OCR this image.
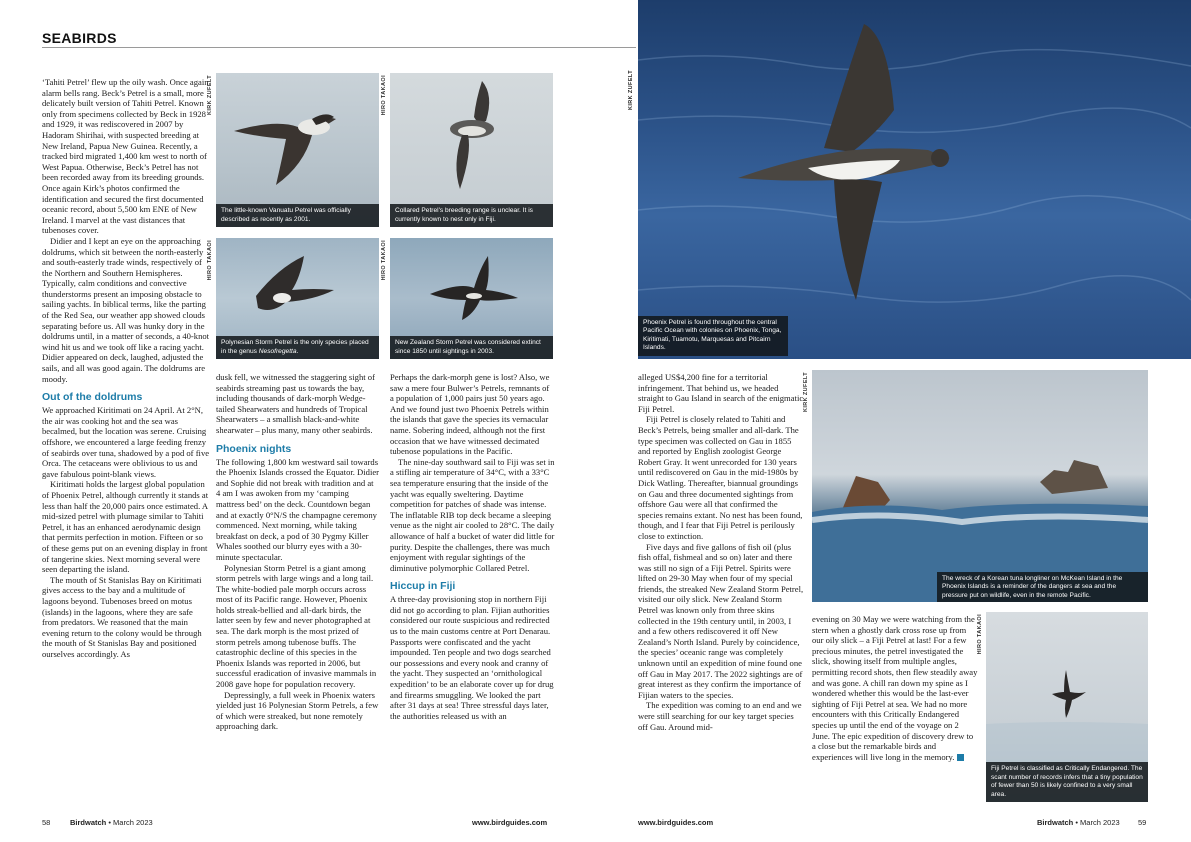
SEABIRDS

‘Tahiti Petrel’ flew up the oily wash. Once again alarm bells rang. Beck’s Petrel is a small, more delicately built version of Tahiti Petrel. Known only from specimens collected by Beck in 1928 and 1929, it was rediscovered in 2007 by Hadoram Shirihai, with suspected breeding at New Ireland, Papua New Guinea. Recently, a tracked bird migrated 1,400 km west to north of West Papua. Otherwise, Beck’s Petrel has not been recorded away from its breeding grounds. Once again Kirk’s photos confirmed the identification and secured the first documented oceanic record, about 5,500 km ENE of New Ireland. I marvel at the vast distances that tubenoses cover.

Didier and I kept an eye on the approaching doldrums, which sit between the north-easterly and south-easterly trade winds, respectively of the Northern and Southern Hemispheres. Typically, calm conditions and convective thunderstorms present an imposing obstacle to sailing yachts. In biblical terms, like the parting of the Red Sea, our weather app showed clouds separating before us. All was hunky dory in the doldrums until, in a matter of seconds, a 40-knot wind hit us and we took off like a racing yacht. Didier appeared on deck, laughed, adjusted the sails, and all was good again. The doldrums are moody.

Out of the doldrums

We approached Kiritimati on 24 April. At 2°N, the air was cooking hot and the sea was becalmed, but the location was serene. Cruising offshore, we encountered a large feeding frenzy of seabirds over tuna, shadowed by a pod of five Orca. The cetaceans were oblivious to us and gave fabulous point-blank views.

Kiritimati holds the largest global population of Phoenix Petrel, although currently it stands at less than half the 20,000 pairs once estimated. A mid-sized petrel with plumage similar to Tahiti Petrel, it has an enhanced aerodynamic design that permits perfection in motion. Fifteen or so of these gems put on an evening display in front of tangerine skies. Next morning several were seen departing the island.

The mouth of St Stanislas Bay on Kiritimati gives access to the bay and a multitude of lagoons beyond. Tubenoses breed on motus (islands) in the lagoons, where they are safe from predators. We reasoned that the main evening return to the colony would be through the mouth of St Stanislas Bay and positioned ourselves accordingly. As

The little-known Vanuatu Petrel was officially described as recently as 2001.
KIRK ZUFELT
Collared Petrel's breeding range is unclear. It is currently known to nest only in Fiji.
HIRO TAKAOI
Polynesian Storm Petrel is the only species placed in the genus Nesofregetta.
HIRO TAKAOI
New Zealand Storm Petrel was considered extinct since 1850 until sightings in 2003.
HIRO TAKAOI

dusk fell, we witnessed the staggering sight of seabirds streaming past us towards the bay, including thousands of dark-morph Wedge-tailed Shearwaters and hundreds of Tropical Shearwaters – a smallish black-and-white shearwater – plus many, many other seabirds.

Phoenix nights

The following 1,800 km westward sail towards the Phoenix Islands crossed the Equator. Didier and Sophie did not break with tradition and at 4 am I was awoken from my ‘camping mattress bed’ on the deck. Countdown began and at exactly 0°N/S the champagne ceremony commenced. Next morning, while taking breakfast on deck, a pod of 30 Pygmy Killer Whales soothed our blurry eyes with a 30-minute spectacular.

Polynesian Storm Petrel is a giant among storm petrels with large wings and a long tail. The white-bodied pale morph occurs across most of its Pacific range. However, Phoenix holds streak-bellied and all-dark birds, the latter seen by few and never photographed at sea. The dark morph is the most prized of storm petrels among tubenose buffs. The catastrophic decline of this species in the Phoenix Islands was reported in 2006, but successful eradication of invasive mammals in 2008 gave hope for population recovery.

Depressingly, a full week in Phoenix waters yielded just 16 Polynesian Storm Petrels, a few of which were streaked, but none remotely approaching dark.

Perhaps the dark-morph gene is lost? Also, we saw a mere four Bulwer’s Petrels, remnants of a population of 1,000 pairs just 50 years ago. And we found just two Phoenix Petrels within the islands that gave the species its vernacular name. Sobering indeed, although not the first occasion that we have witnessed decimated tubenose populations in the Pacific.

The nine-day southward sail to Fiji was set in a stifling air temperature of 34°C, with a 33°C sea temperature ensuring that the inside of the yacht was equally sweltering. Daytime competition for patches of shade was intense. The inflatable RIB top deck became a sleeping venue as the night air cooled to 28°C. The daily allowance of half a bucket of water did little for purity. Despite the challenges, there was much enjoyment with regular sightings of the diminutive polymorphic Collared Petrel.

Hiccup in Fiji

A three-day provisioning stop in northern Fiji did not go according to plan. Fijian authorities considered our route suspicious and redirected us to the main customs centre at Port Denarau. Passports were confiscated and the yacht impounded. Ten people and two dogs searched our possessions and every nook and cranny of the yacht. They suspected an ‘ornithological expedition’ to be an elaborate cover up for drug and firearms smuggling. We looked the part after 31 days at sea! Three stressful days later, the authorities released us with an

Phoenix Petrel is found throughout the central Pacific Ocean with colonies on Phoenix, Tonga, Kiritimati, Tuamotu, Marquesas and Pitcairn Islands.
KIRK ZUFELT

alleged US$4,200 fine for a territorial infringement. That behind us, we headed straight to Gau Island in search of the enigmatic Fiji Petrel.

Fiji Petrel is closely related to Tahiti and Beck’s Petrels, being smaller and all-dark. The type specimen was collected on Gau in 1855 and reported by English zoologist George Robert Gray. It went unrecorded for 130 years until rediscovered on Gau in the mid-1980s by Dick Watling. Thereafter, biannual groundings on Gau and three documented sightings from offshore Gau were all that confirmed the species remains extant. No nest has been found, though, and I fear that Fiji Petrel is perilously close to extinction.

Five days and five gallons of fish oil (plus fish offal, fishmeal and so on) later and there was still no sign of a Fiji Petrel. Spirits were lifted on 29-30 May when four of my special friends, the streaked New Zealand Storm Petrel, visited our oily slick. New Zealand Storm Petrel was known only from three skins collected in the 19th century until, in 2003, I and a few others rediscovered it off New Zealand’s North Island. Purely by coincidence, the species’ oceanic range was completely unknown until an expedition of mine found one off Gau in May 2017. The 2022 sightings are of great interest as they confirm the importance of Fijian waters to the species.

The expedition was coming to an end and we were still searching for our key target species off Gau. Around mid-

The wreck of a Korean tuna longliner on McKean Island in the Phoenix Islands is a reminder of the dangers at sea and the pressure put on wildlife, even in the remote Pacific.
KIRK ZUFELT

evening on 30 May we were watching from the stern when a ghostly dark cross rose up from our oily slick – a Fiji Petrel at last! For a few precious minutes, the petrel investigated the slick, showing itself from multiple angles, permitting record shots, then flew steadily away and was gone. A chill ran down my spine as I wondered whether this would be the last-ever sighting of Fiji Petrel at sea. We had no more encounters with this Critically Endangered species up until the end of the voyage on 2 June. The epic expedition of discovery drew to a close but the remarkable birds and experiences will live long in the memory.

Fiji Petrel is classified as Critically Endangered. The scant number of records infers that a tiny population of fewer than 50 is likely confined to a very small area.
HIRO TAKAOI
58	Birdwatch • March 2023	www.birdguides.com	www.birdguides.com	Birdwatch • March 2023 59
